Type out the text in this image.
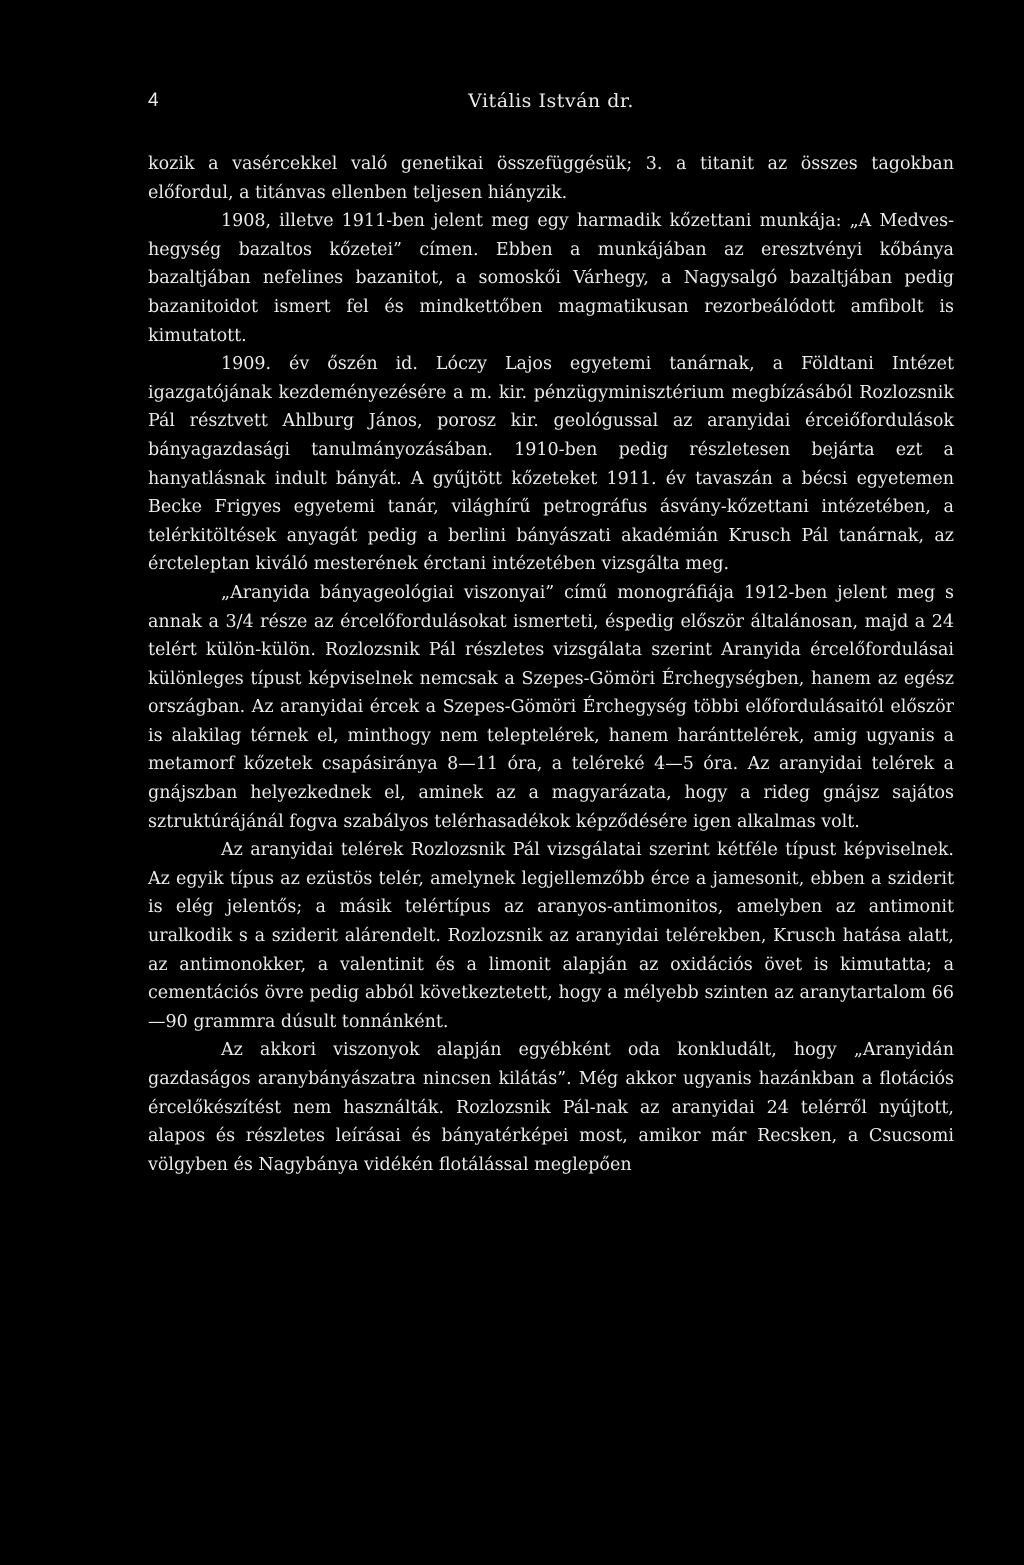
4	Vitális István dr.

kozik a vasércekkel való genetikai összefüggésük; 3. a titanit az összes tagokban előfordul, a titánvas ellenben teljesen hiányzik.

1908, illetve 1911-ben jelent meg egy harmadik kőzettani munkája: „A Medves-hegység bazaltos kőzetei” címen. Ebben a munkájában az eresztvényi kőbánya bazaltjában nefelines bazanitot, a somoskői Várhegy, a Nagysalgó bazaltjában pedig bazanitoidot ismert fel és mindkettőben magmatikusan rezorbeálódott amfibolt is kimutatott.

1909. év őszén id. Lóczy Lajos egyetemi tanárnak, a Földtani Intézet igazgatójának kezdeményezésére a m. kir. pénzügyminisztérium megbízásából Rozlozsnik Pál résztvett Ahlburg János, porosz kir. geológussal az aranyidai érceiőfordulások bányagazdasági tanulmányozásában. 1910-ben pedig részletesen bejárta ezt a hanyatlásnak indult bányát. A gyűjtött kőzeteket 1911. év tavaszán a bécsi egyetemen Becke Frigyes egyetemi tanár, világhírű petrográfus ásvány-kőzettani intézetében, a telérkitöltések anyagát pedig a berlini bányászati akadémián Krusch Pál tanárnak, az ércteleptan kiváló mesterének érctani intézetében vizsgálta meg.

„Aranyida bányageológiai viszonyai” című monográfiája 1912-ben jelent meg s annak a 3/4 része az ércelőfordulásokat ismerteti, éspedig először általánosan, majd a 24 telért külön-külön. Rozlozsnik Pál részletes vizsgálata szerint Aranyida ércelőfordulásai különleges típust képviselnek nemcsak a Szepes-Gömöri Érchegységben, hanem az egész országban. Az aranyidai ércek a Szepes-Gömöri Érchegység többi előfordulásaitól először is alakilag térnek el, minthogy nem teleptelérek, hanem haránttelérek, amig ugyanis a metamorf kőzetek csapásiránya 8—11 óra, a teléreké 4—5 óra. Az aranyidai telérek a gnájszban helyezkednek el, aminek az a magyarázata, hogy a rideg gnájsz sajátos sztruktúrájánál fogva szabályos telérhasadékok képződésére igen alkalmas volt.

Az aranyidai telérek Rozlozsnik Pál vizsgálatai szerint kétféle típust képviselnek. Az egyik típus az ezüstös telér, amelynek legjellemzőbb érce a jamesonit, ebben a sziderit is elég jelentős; a másik telértípus az aranyos-antimonitos, amelyben az antimonit uralkodik s a sziderit alárendelt. Rozlozsnik az aranyidai telérekben, Krusch hatása alatt, az antimonokker, a valentinit és a limonit alapján az oxidációs övet is kimutatta; a cementációs övre pedig abból következtetett, hogy a mélyebb szinten az aranytartalom 66—90 grammra dúsult tonnánként.

Az akkori viszonyok alapján egyébként oda konkludált, hogy „Aranyidán gazdaságos aranybányászatra nincsen kilátás”. Még akkor ugyanis hazánkban a flotációs ércelőkészítést nem használták. Rozlozsnik Pál-nak az aranyidai 24 telérről nyújtott, alapos és részletes leírásai és bányatérképei most, amikor már Recsken, a Csucsomi völgyben és Nagybánya vidékén flotálással meglepően
